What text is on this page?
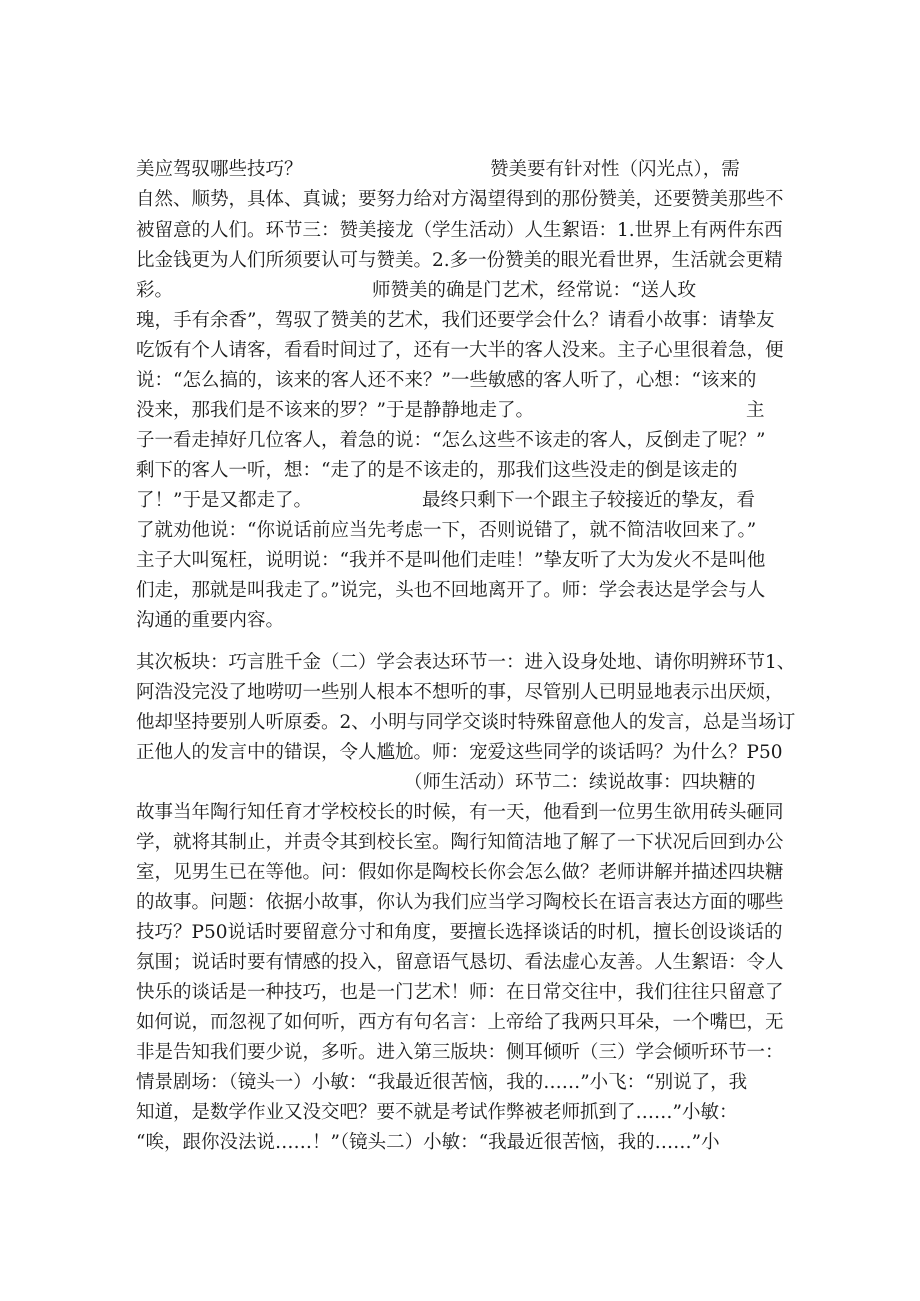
美应驾驭哪些技巧？	赞美要有针对性（闪光点），需

自然、顺势，具体、真诚；要努力给对方渴望得到的那份赞美，还要赞美那些不

被留意的人们。环节三：赞美接龙（学生活动）人生絮语：1.世界上有两件东西

比金钱更为人们所须要认可与赞美。2.多一份赞美的眼光看世界，生活就会更精

彩。	师赞美的确是门艺术，经常说：“送人玫

瑰，手有余香”，驾驭了赞美的艺术，我们还要学会什么？请看小故事：请挚友

吃饭有个人请客，看看时间过了，还有一大半的客人没来。主子心里很着急，便

说：“怎么搞的，该来的客人还不来？”一些敏感的客人听了，心想：“该来的

没来，那我们是不该来的罗？”于是静静地走了。	主

子一看走掉好几位客人，着急的说：“怎么这些不该走的客人，反倒走了呢？”

剩下的客人一听，想：“走了的是不该走的，那我们这些没走的倒是该走的

了！”于是又都走了。	最终只剩下一个跟主子较接近的挚友，看

了就劝他说：“你说话前应当先考虑一下，否则说错了，就不简洁收回来了。”

主子大叫冤枉，说明说：“我并不是叫他们走哇！”挚友听了大为发火不是叫他

们走，那就是叫我走了。”说完，头也不回地离开了。师：学会表达是学会与人

沟通的重要内容。

其次板块：巧言胜千金（二）学会表达环节一：进入设身处地、请你明辨环节1、

阿浩没完没了地唠叨一些别人根本不想听的事，尽管别人已明显地表示出厌烦，

他却坚持要别人听原委。2、小明与同学交谈时特殊留意他人的发言，总是当场订

正他人的发言中的错误，令人尴尬。师：宠爱这些同学的谈话吗？为什么？P50

（师生活动）环节二：续说故事：四块糖的

故事当年陶行知任育才学校校长的时候，有一天，他看到一位男生欲用砖头砸同

学，就将其制止，并责令其到校长室。陶行知简洁地了解了一下状况后回到办公

室，见男生已在等他。问：假如你是陶校长你会怎么做？老师讲解并描述四块糖

的故事。问题：依据小故事，你认为我们应当学习陶校长在语言表达方面的哪些

技巧？P50说话时要留意分寸和角度，要擅长选择谈话的时机，擅长创设谈话的

氛围；说话时要有情感的投入，留意语气恳切、看法虚心友善。人生絮语：令人

快乐的谈话是一种技巧，也是一门艺术！师：在日常交往中，我们往往只留意了

如何说，而忽视了如何听，西方有句名言：上帝给了我两只耳朵，一个嘴巴，无

非是告知我们要少说，多听。进入第三版块：侧耳倾听（三）学会倾听环节一：

情景剧场：（镜头一）小敏：“我最近很苦恼，我的……”小飞：“别说了，我

知道，是数学作业又没交吧？要不就是考试作弊被老师抓到了……”小敏：

“唉，跟你没法说……！”（镜头二）小敏：“我最近很苦恼，我的……”小
